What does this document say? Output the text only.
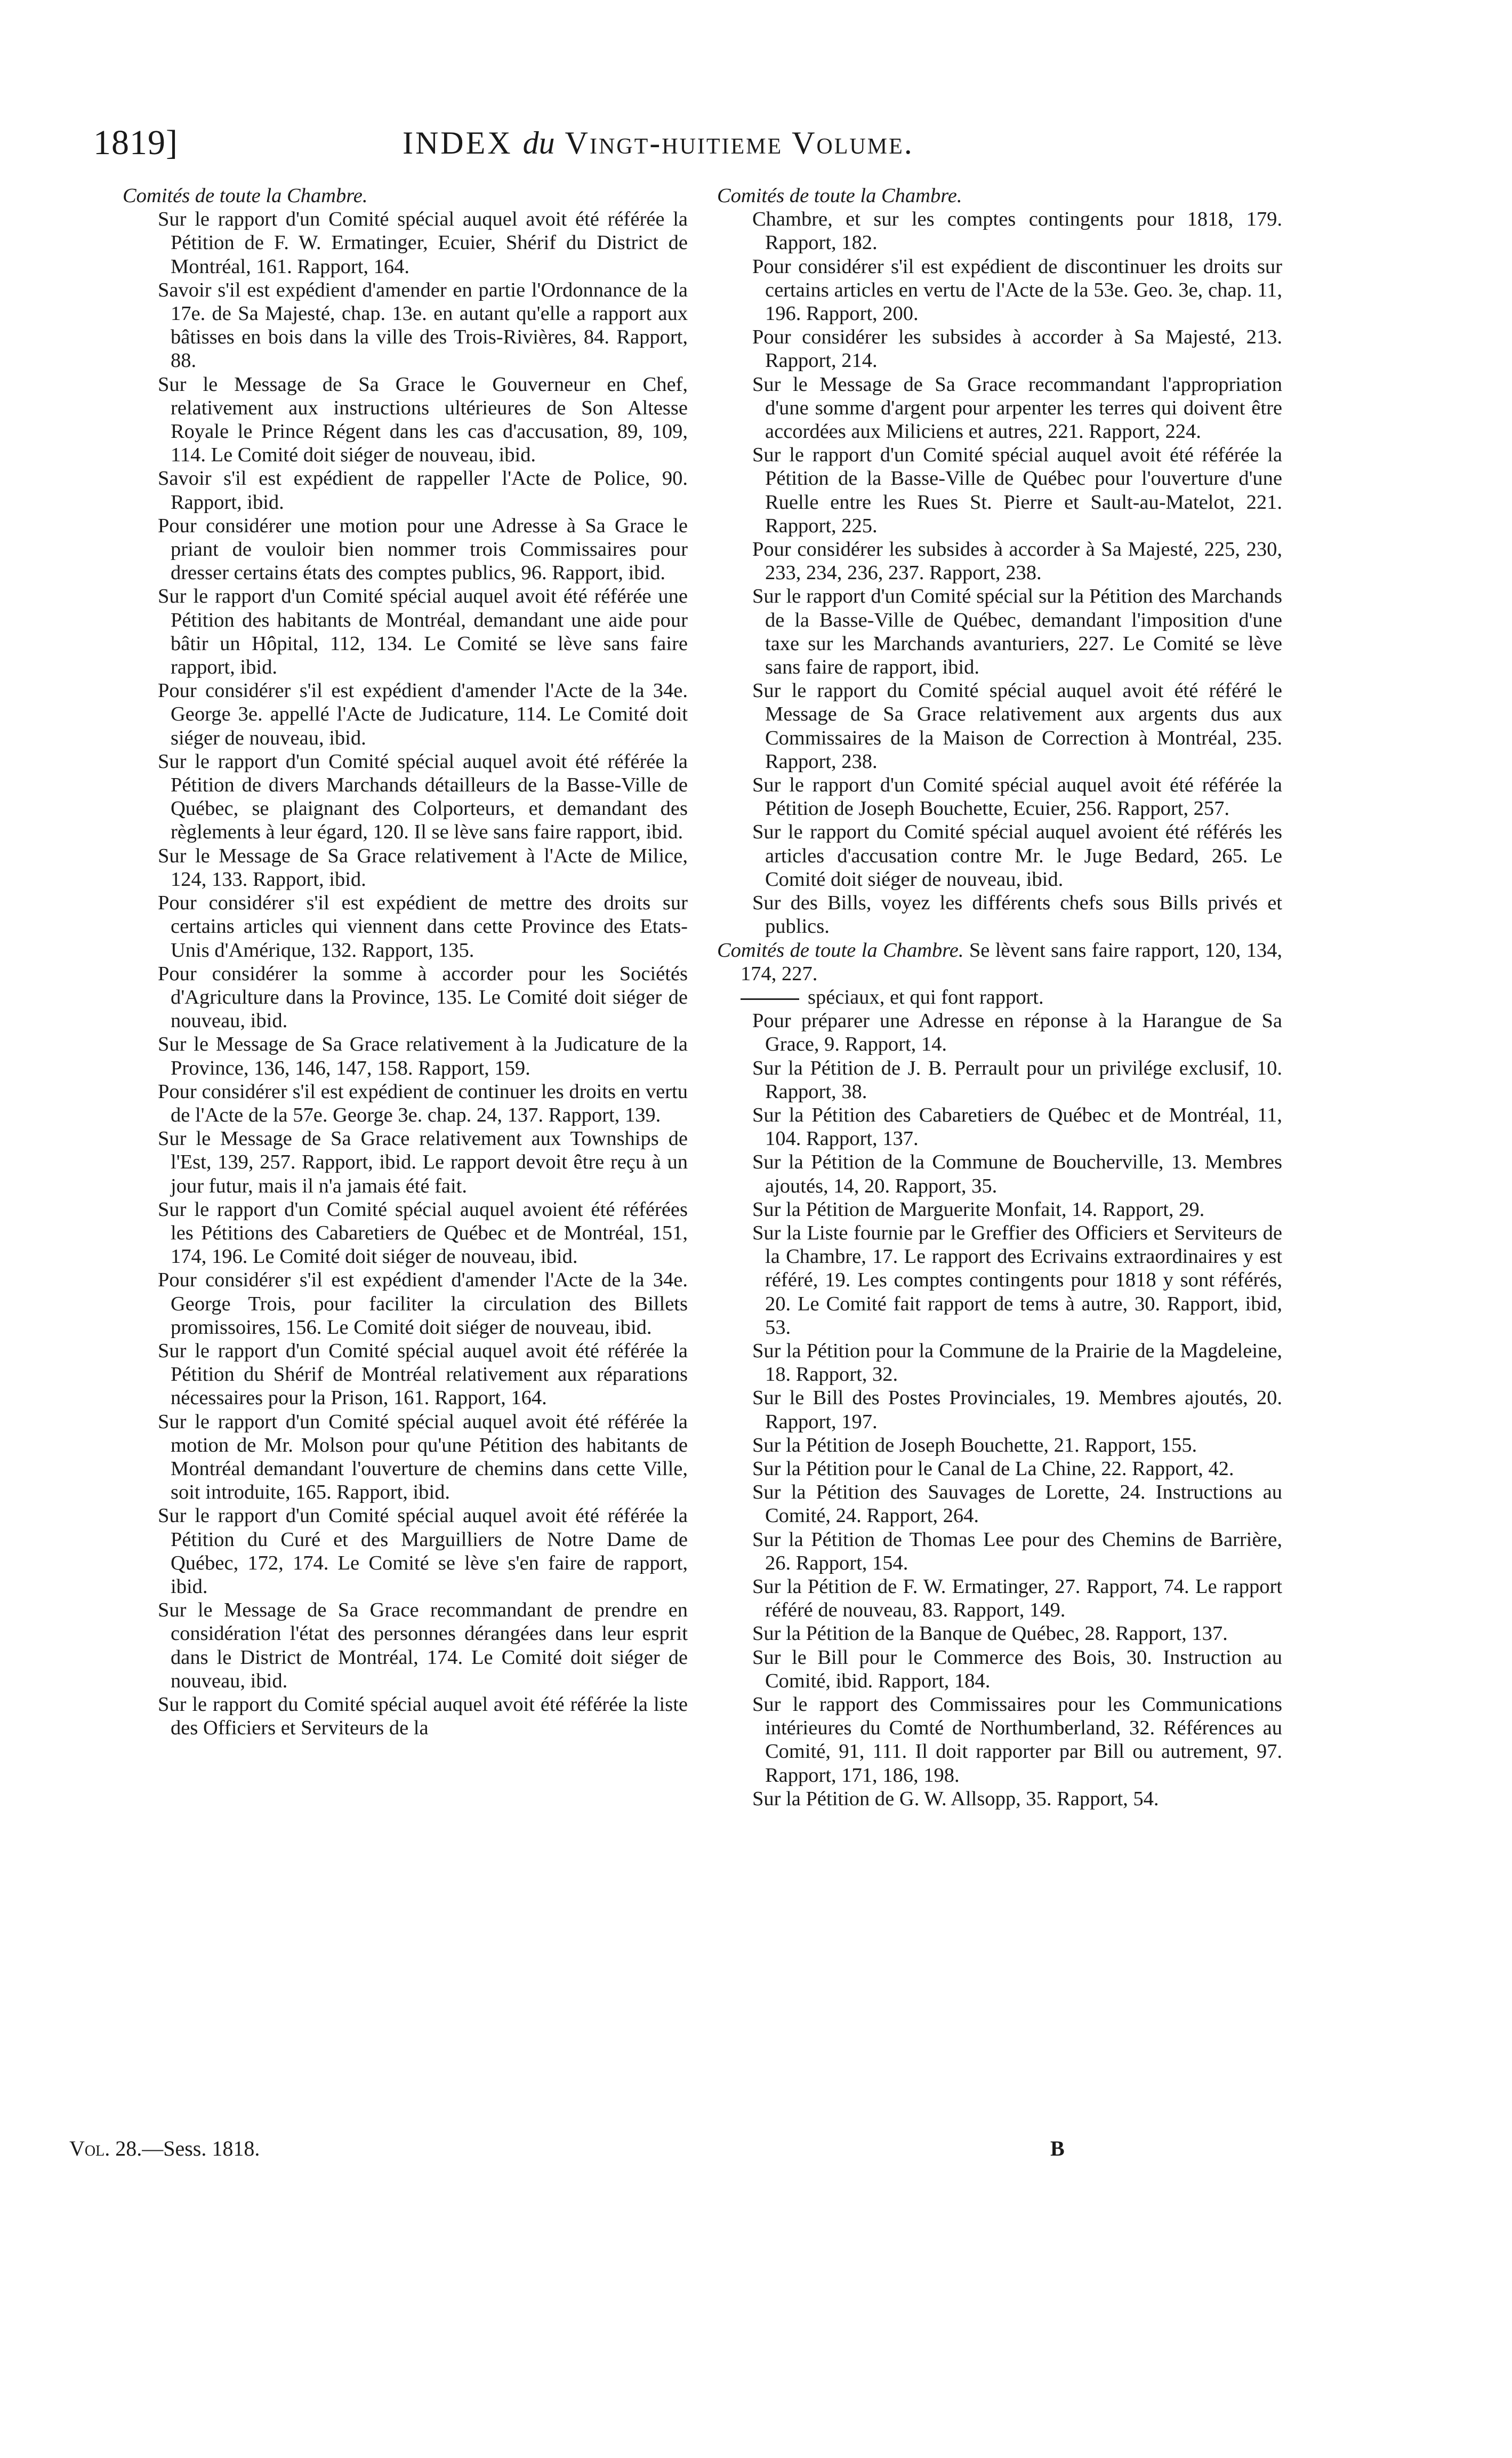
1819]	INDEX du Vingt-huitieme Volume.

Comités de toute la Chambre.

Sur le rapport d'un Comité spécial auquel avoit été référée la Pétition de F. W. Ermatinger, Ecuier, Shérif du District de Montréal, 161. Rapport, 164.

Savoir s'il est expédient d'amender en partie l'Ordonnance de la 17e. de Sa Majesté, chap. 13e. en autant qu'elle a rapport aux bâtisses en bois dans la ville des Trois-Rivières, 84. Rapport, 88.

Sur le Message de Sa Grace le Gouverneur en Chef, relativement aux instructions ultérieures de Son Altesse Royale le Prince Régent dans les cas d'accusation, 89, 109, 114. Le Comité doit siéger de nouveau, ibid.

Savoir s'il est expédient de rappeller l'Acte de Police, 90. Rapport, ibid.

Pour considérer une motion pour une Adresse à Sa Grace le priant de vouloir bien nommer trois Commissaires pour dresser certains états des comptes publics, 96. Rapport, ibid.

Sur le rapport d'un Comité spécial auquel avoit été référée une Pétition des habitants de Montréal, demandant une aide pour bâtir un Hôpital, 112, 134. Le Comité se lève sans faire rapport, ibid.

Pour considérer s'il est expédient d'amender l'Acte de la 34e. George 3e. appellé l'Acte de Judicature, 114. Le Comité doit siéger de nouveau, ibid.

Sur le rapport d'un Comité spécial auquel avoit été référée la Pétition de divers Marchands détailleurs de la Basse-Ville de Québec, se plaignant des Colporteurs, et demandant des règlements à leur égard, 120. Il se lève sans faire rapport, ibid.

Sur le Message de Sa Grace relativement à l'Acte de Milice, 124, 133. Rapport, ibid.

Pour considérer s'il est expédient de mettre des droits sur certains articles qui viennent dans cette Province des Etats-Unis d'Amérique, 132. Rapport, 135.

Pour considérer la somme à accorder pour les Sociétés d'Agriculture dans la Province, 135. Le Comité doit siéger de nouveau, ibid.

Sur le Message de Sa Grace relativement à la Judicature de la Province, 136, 146, 147, 158. Rapport, 159.

Pour considérer s'il est expédient de continuer les droits en vertu de l'Acte de la 57e. George 3e. chap. 24, 137. Rapport, 139.

Sur le Message de Sa Grace relativement aux Townships de l'Est, 139, 257. Rapport, ibid. Le rapport devoit être reçu à un jour futur, mais il n'a jamais été fait.

Sur le rapport d'un Comité spécial auquel avoient été référées les Pétitions des Cabaretiers de Québec et de Montréal, 151, 174, 196. Le Comité doit siéger de nouveau, ibid.

Pour considérer s'il est expédient d'amender l'Acte de la 34e. George Trois, pour faciliter la circulation des Billets promissoires, 156. Le Comité doit siéger de nouveau, ibid.

Sur le rapport d'un Comité spécial auquel avoit été référée la Pétition du Shérif de Montréal relativement aux réparations nécessaires pour la Prison, 161. Rapport, 164.

Sur le rapport d'un Comité spécial auquel avoit été référée la motion de Mr. Molson pour qu'une Pétition des habitants de Montréal demandant l'ouverture de chemins dans cette Ville, soit introduite, 165. Rapport, ibid.

Sur le rapport d'un Comité spécial auquel avoit été référée la Pétition du Curé et des Marguilliers de Notre Dame de Québec, 172, 174. Le Comité se lève s'en faire de rapport, ibid.

Sur le Message de Sa Grace recommandant de prendre en considération l'état des personnes dérangées dans leur esprit dans le District de Montréal, 174. Le Comité doit siéger de nouveau, ibid.

Sur le rapport du Comité spécial auquel avoit été référée la liste des Officiers et Serviteurs de la

Comités de toute la Chambre.

Chambre, et sur les comptes contingents pour 1818, 179. Rapport, 182.

Pour considérer s'il est expédient de discontinuer les droits sur certains articles en vertu de l'Acte de la 53e. Geo. 3e, chap. 11, 196. Rapport, 200.

Pour considérer les subsides à accorder à Sa Majesté, 213. Rapport, 214.

Sur le Message de Sa Grace recommandant l'appropriation d'une somme d'argent pour arpenter les terres qui doivent être accordées aux Miliciens et autres, 221. Rapport, 224.

Sur le rapport d'un Comité spécial auquel avoit été référée la Pétition de la Basse-Ville de Québec pour l'ouverture d'une Ruelle entre les Rues St. Pierre et Sault-au-Matelot, 221. Rapport, 225.

Pour considérer les subsides à accorder à Sa Majesté, 225, 230, 233, 234, 236, 237. Rapport, 238.

Sur le rapport d'un Comité spécial sur la Pétition des Marchands de la Basse-Ville de Québec, demandant l'imposition d'une taxe sur les Marchands avanturiers, 227. Le Comité se lève sans faire de rapport, ibid.

Sur le rapport du Comité spécial auquel avoit été référé le Message de Sa Grace relativement aux argents dus aux Commissaires de la Maison de Correction à Montréal, 235. Rapport, 238.

Sur le rapport d'un Comité spécial auquel avoit été référée la Pétition de Joseph Bouchette, Ecuier, 256. Rapport, 257.

Sur le rapport du Comité spécial auquel avoient été référés les articles d'accusation contre Mr. le Juge Bedard, 265. Le Comité doit siéger de nouveau, ibid.

Sur des Bills, voyez les différents chefs sous Bills privés et publics.

Comités de toute la Chambre. Se lèvent sans faire rapport, 120, 134, 174, 227.

spéciaux, et qui font rapport.

Pour préparer une Adresse en réponse à la Harangue de Sa Grace, 9. Rapport, 14.

Sur la Pétition de J. B. Perrault pour un privilége exclusif, 10. Rapport, 38.

Sur la Pétition des Cabaretiers de Québec et de Montréal, 11, 104. Rapport, 137.

Sur la Pétition de la Commune de Boucherville, 13. Membres ajoutés, 14, 20. Rapport, 35.

Sur la Pétition de Marguerite Monfait, 14. Rapport, 29.

Sur la Liste fournie par le Greffier des Officiers et Serviteurs de la Chambre, 17. Le rapport des Ecrivains extraordinaires y est référé, 19. Les comptes contingents pour 1818 y sont référés, 20. Le Comité fait rapport de tems à autre, 30. Rapport, ibid, 53.

Sur la Pétition pour la Commune de la Prairie de la Magdeleine, 18. Rapport, 32.

Sur le Bill des Postes Provinciales, 19. Membres ajoutés, 20. Rapport, 197.

Sur la Pétition de Joseph Bouchette, 21. Rapport, 155.

Sur la Pétition pour le Canal de La Chine, 22. Rapport, 42.

Sur la Pétition des Sauvages de Lorette, 24. Instructions au Comité, 24. Rapport, 264.

Sur la Pétition de Thomas Lee pour des Chemins de Barrière, 26. Rapport, 154.

Sur la Pétition de F. W. Ermatinger, 27. Rapport, 74. Le rapport référé de nouveau, 83. Rapport, 149.

Sur la Pétition de la Banque de Québec, 28. Rapport, 137.

Sur le Bill pour le Commerce des Bois, 30. Instruction au Comité, ibid. Rapport, 184.

Sur le rapport des Commissaires pour les Communications intérieures du Comté de Northumberland, 32. Références au Comité, 91, 111. Il doit rapporter par Bill ou autrement, 97. Rapport, 171, 186, 198.

Sur la Pétition de G. W. Allsopp, 35. Rapport, 54.

Vol. 28.—Sess. 1818.	B
